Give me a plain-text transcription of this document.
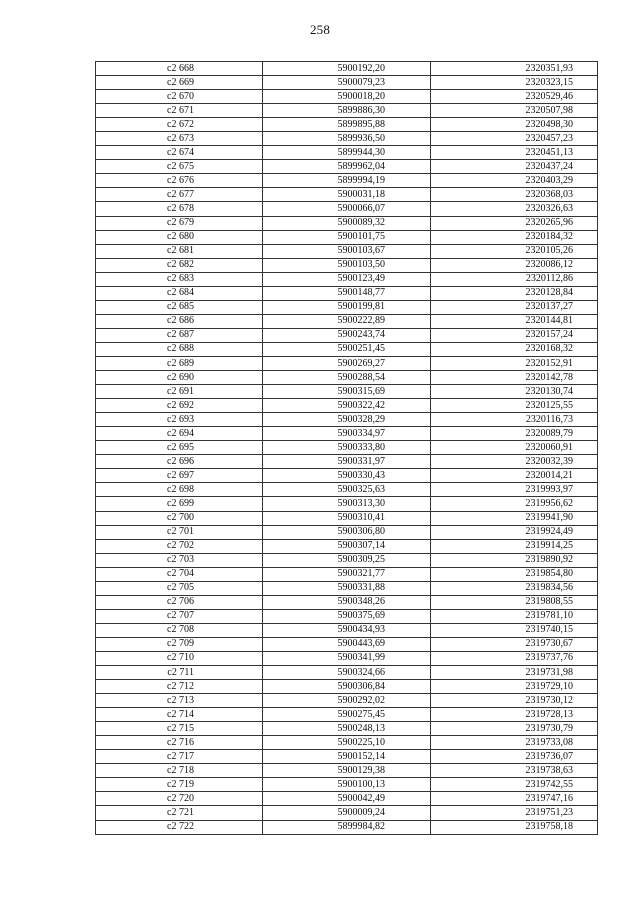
258
c2 668	5900192,20	2320351,93
c2 669	5900079,23	2320323,15
c2 670	5900018,20	2320529,46
c2 671	5899886,30	2320507,98
c2 672	5899895,88	2320498,30
c2 673	5899936,50	2320457,23
c2 674	5899944,30	2320451,13
c2 675	5899962,04	2320437,24
c2 676	5899994,19	2320403,29
c2 677	5900031,18	2320368,03
c2 678	5900066,07	2320326,63
c2 679	5900089,32	2320265,96
c2 680	5900101,75	2320184,32
c2 681	5900103,67	2320105,26
c2 682	5900103,50	2320086,12
c2 683	5900123,49	2320112,86
c2 684	5900148,77	2320128,84
c2 685	5900199,81	2320137,27
c2 686	5900222,89	2320144,81
c2 687	5900243,74	2320157,24
c2 688	5900251,45	2320168,32
c2 689	5900269,27	2320152,91
c2 690	5900288,54	2320142,78
c2 691	5900315,69	2320130,74
c2 692	5900322,42	2320125,55
c2 693	5900328,29	2320116,73
c2 694	5900334,97	2320089,79
c2 695	5900333,80	2320060,91
c2 696	5900331,97	2320032,39
c2 697	5900330,43	2320014,21
c2 698	5900325,63	2319993,97
c2 699	5900313,30	2319956,62
c2 700	5900310,41	2319941,90
c2 701	5900306,80	2319924,49
c2 702	5900307,14	2319914,25
c2 703	5900309,25	2319890,92
c2 704	5900321,77	2319854,80
c2 705	5900331,88	2319834,56
c2 706	5900348,26	2319808,55
c2 707	5900375,69	2319781,10
c2 708	5900434,93	2319740,15
c2 709	5900443,69	2319730,67
c2 710	5900341,99	2319737,76
c2 711	5900324,66	2319731,98
c2 712	5900306,84	2319729,10
c2 713	5900292,02	2319730,12
c2 714	5900275,45	2319728,13
c2 715	5900248,13	2319730,79
c2 716	5900225,10	2319733,08
c2 717	5900152,14	2319736,07
c2 718	5900129,38	2319738,63
c2 719	5900100,13	2319742,55
c2 720	5900042,49	2319747,16
c2 721	5900009,24	2319751,23
c2 722	5899984,82	2319758,18
